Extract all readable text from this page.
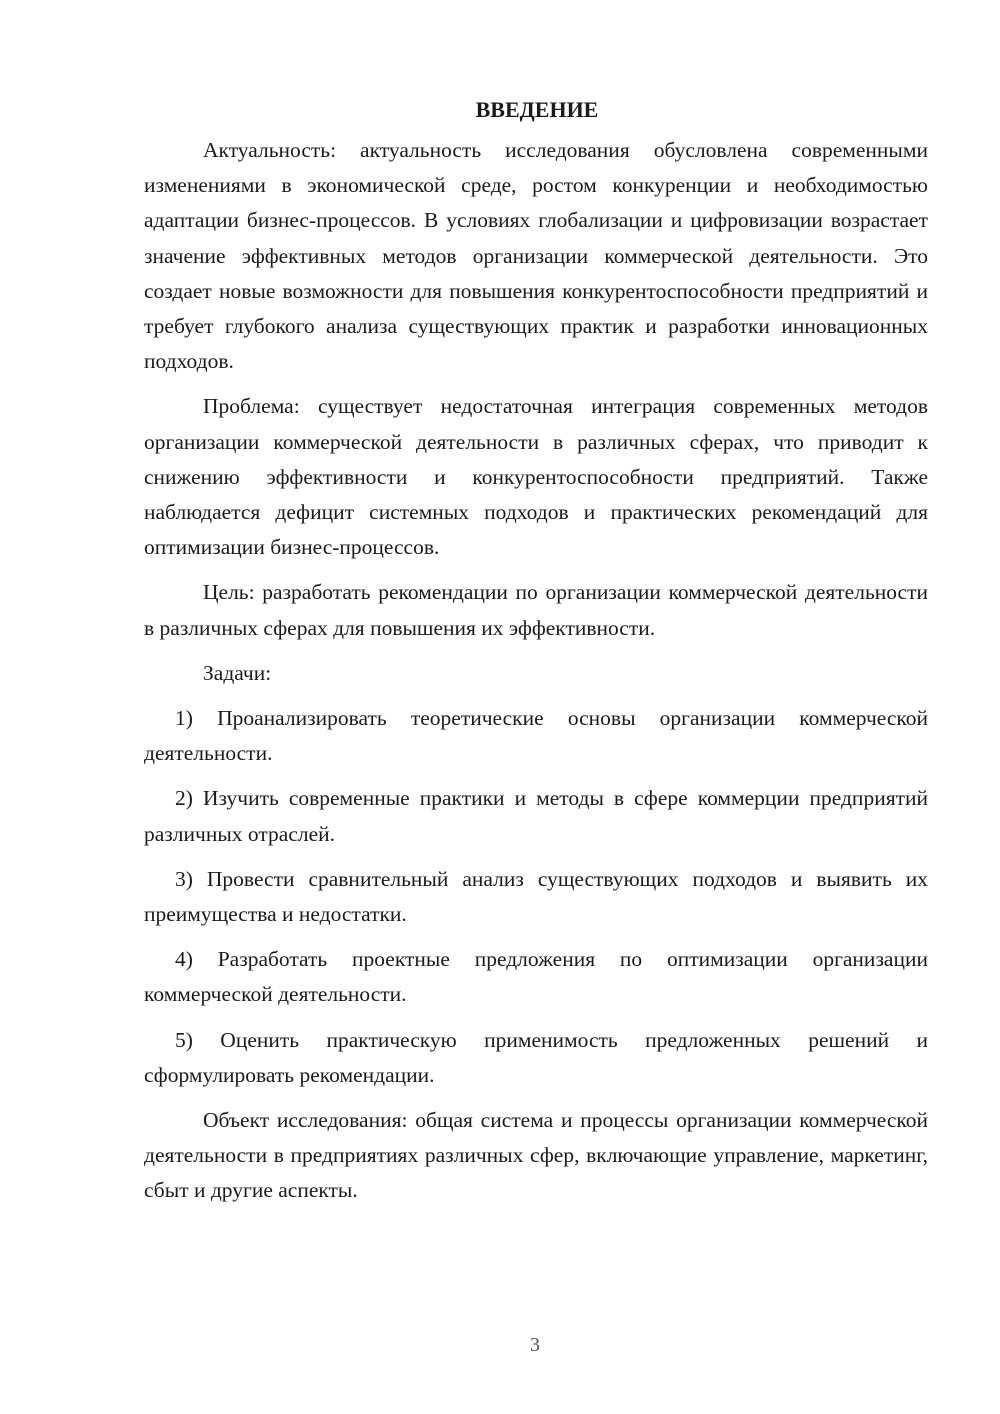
ВВЕДЕНИЕ

Актуальность: актуальность исследования обусловлена современными изменениями в экономической среде, ростом конкуренции и необходимостью адаптации бизнес-процессов. В условиях глобализации и цифровизации возрастает значение эффективных методов организации коммерческой деятельности. Это создает новые возможности для повышения конкурентоспособности предприятий и требует глубокого анализа существующих практик и разработки инновационных подходов.

Проблема: существует недостаточная интеграция современных методов организации коммерческой деятельности в различных сферах, что приводит к снижению эффективности и конкурентоспособности предприятий. Также наблюдается дефицит системных подходов и практических рекомендаций для оптимизации бизнес-процессов.

Цель: разработать рекомендации по организации коммерческой деятельности в различных сферах для повышения их эффективности.

Задачи:

1) Проанализировать теоретические основы организации коммерческой деятельности.

2) Изучить современные практики и методы в сфере коммерции предприятий различных отраслей.

3) Провести сравнительный анализ существующих подходов и выявить их преимущества и недостатки.

4) Разработать проектные предложения по оптимизации организации коммерческой деятельности.

5) Оценить практическую применимость предложенных решений и сформулировать рекомендации.

Объект исследования: общая система и процессы организации коммерческой деятельности в предприятиях различных сфер, включающие управление, маркетинг, сбыт и другие аспекты.

3
